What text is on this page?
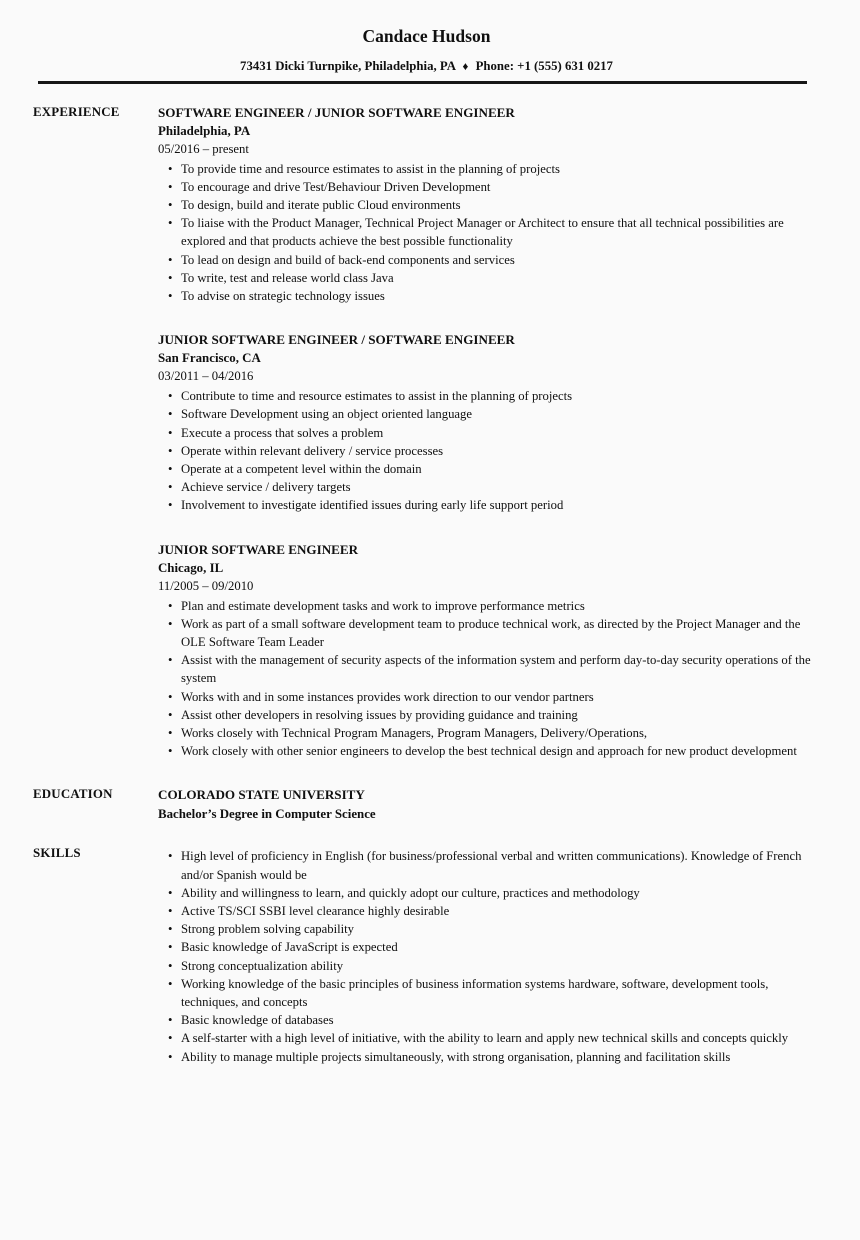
Candace Hudson
73431 Dicki Turnpike, Philadelphia, PA ♦ Phone: +1 (555) 631 0217
EXPERIENCE	SOFTWARE ENGINEER / JUNIOR SOFTWARE ENGINEER
Philadelphia, PA
05/2016 – present
• To provide time and resource estimates to assist in the planning of projects
• To encourage and drive Test/Behaviour Driven Development
• To design, build and iterate public Cloud environments
• To liaise with the Product Manager, Technical Project Manager or Architect to ensure that all technical possibilities are explored and that products achieve the best possible functionality
• To lead on design and build of back-end components and services
• To write, test and release world class Java
• To advise on strategic technology issues
JUNIOR SOFTWARE ENGINEER / SOFTWARE ENGINEER
San Francisco, CA
03/2011 – 04/2016
• Contribute to time and resource estimates to assist in the planning of projects
• Software Development using an object oriented language
• Execute a process that solves a problem
• Operate within relevant delivery / service processes
• Operate at a competent level within the domain
• Achieve service / delivery targets
• Involvement to investigate identified issues during early life support period
JUNIOR SOFTWARE ENGINEER
Chicago, IL
11/2005 – 09/2010
• Plan and estimate development tasks and work to improve performance metrics
• Work as part of a small software development team to produce technical work, as directed by the Project Manager and the OLE Software Team Leader
• Assist with the management of security aspects of the information system and perform day-to-day security operations of the system
• Works with and in some instances provides work direction to our vendor partners
• Assist other developers in resolving issues by providing guidance and training
• Works closely with Technical Program Managers, Program Managers, Delivery/Operations,
• Work closely with other senior engineers to develop the best technical design and approach for new product development
EDUCATION	COLORADO STATE UNIVERSITY
Bachelor’s Degree in Computer Science
SKILLS	• High level of proficiency in English (for business/professional verbal and written communications). Knowledge of French and/or Spanish would be
• Ability and willingness to learn, and quickly adopt our culture, practices and methodology
• Active TS/SCI SSBI level clearance highly desirable
• Strong problem solving capability
• Basic knowledge of JavaScript is expected
• Strong conceptualization ability
• Working knowledge of the basic principles of business information systems hardware, software, development tools, techniques, and concepts
• Basic knowledge of databases
• A self-starter with a high level of initiative, with the ability to learn and apply new technical skills and concepts quickly
• Ability to manage multiple projects simultaneously, with strong organisation, planning and facilitation skills
